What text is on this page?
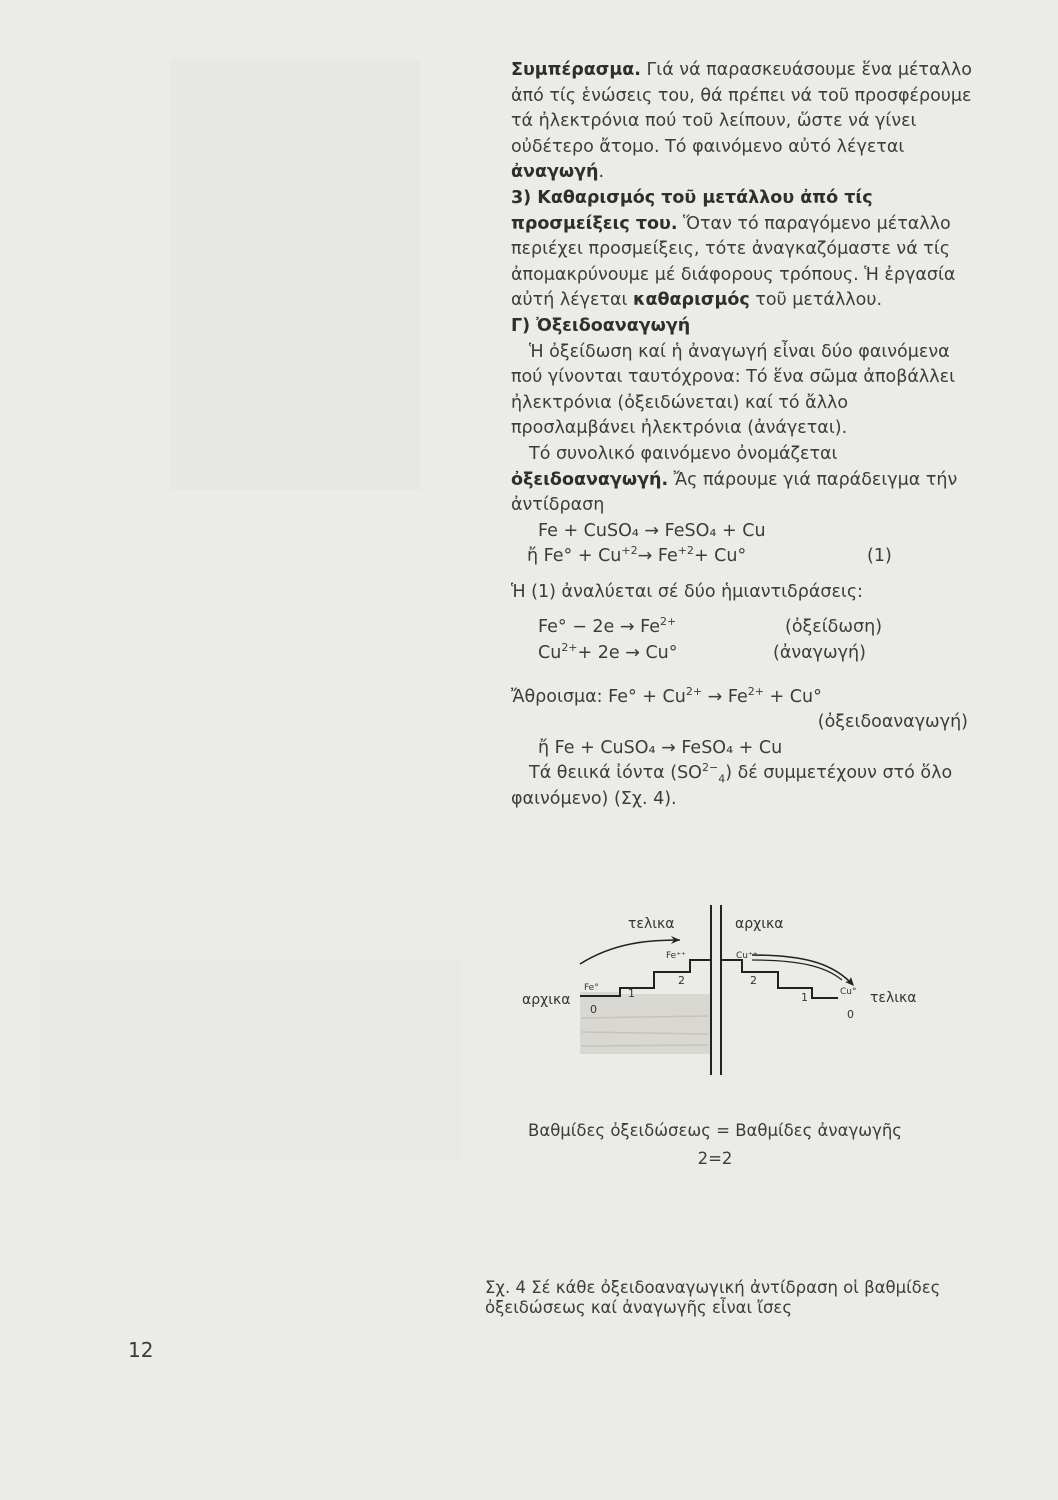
Συμπέρασμα. Γιά νά παρασκευάσουμε ἕνα μέταλλο ἀπό τίς ἑνώσεις του, θά πρέπει νά τοῦ προσφέρουμε τά ἠλεκτρόνια πού τοῦ λείπουν, ὥστε νά γίνει οὐδέτερο ἄτομο. Τό φαινόμενο αὐτό λέγεται ἀναγωγή.

3) Καθαρισμός τοῦ μετάλλου ἀπό τίς προσμείξεις του. Ὅταν τό παραγόμενο μέταλλο περιέχει προσμείξεις, τότε ἀναγκαζόμαστε νά τίς ἀπομακρύνουμε μέ διάφορους τρόπους. Ἡ ἐργασία αὐτή λέγεται καθαρισμός τοῦ μετάλλου.

Γ) Ὀξειδοαναγωγή

Ἡ ὀξείδωση καί ἡ ἀναγωγή εἶναι δύο φαινόμενα πού γίνονται ταυτόχρονα: Τό ἕνα σῶμα ἀποβάλλει ἠλεκτρόνια (ὀξειδώνεται) καί τό ἄλλο προσλαμβάνει ἠλεκτρόνια (ἀνάγεται).

Τό συνολικό φαινόμενο ὀνομάζεται ὀξειδοαναγωγή. Ἄς πάρουμε γιά παράδειγμα τήν ἀντίδραση

Fe + CuSO₄ → FeSO₄ + Cu

ἤ $Fe^\circ + Cu^{+2}\to Fe^{+2}+ Cu^\circ$	(1)

Ἡ (1) ἀναλύεται σέ δύο ἡμιαντιδράσεις:

$Fe^\circ - 2e \to Fe^{2+}$	(ὀξείδωση)
$Cu^{2+}+ 2e \to Cu^\circ$	(ἀναγωγή)

Ἄθροισμα: $Fe^\circ + Cu^{2+} \to Fe^{2+} + Cu^\circ$

(ὀξειδοαναγωγή)

ἤ Fe + CuSO₄ → FeSO₄ + Cu

Τά θειικά ἰόντα $(SO^{2-}_4)$ δέ συμμετέχουν στό ὅλο φαινόμενο) (Σχ. 4).

τελικα	αρχικα
αρχικα	τελικα
Fe°
Fe⁺⁺	Cu⁺⁺
Cu°
0
1
2	2
1
0
Βαθμίδες ὀξειδώσεως = Βαθμίδες ἀναγωγῆς
2=2
Σχ. 4 Σέ κάθε ὀξειδοαναγωγική ἀντίδραση οἱ βαθμίδες ὀξειδώσεως καί ἀναγωγῆς εἶναι ἴσες
12
